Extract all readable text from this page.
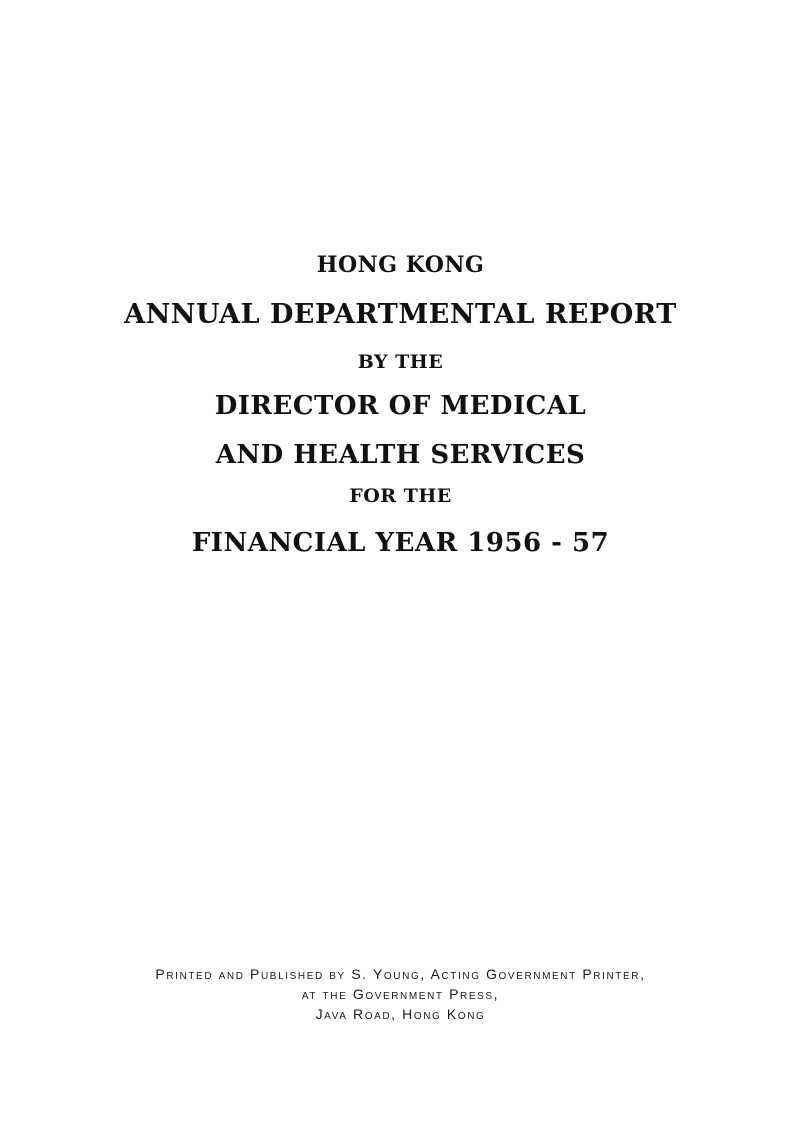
HONG KONG
ANNUAL DEPARTMENTAL REPORT
BY THE
DIRECTOR OF MEDICAL
AND HEALTH SERVICES
FOR THE
FINANCIAL YEAR 1956 - 57
Printed and Published by S. Young, Acting Government Printer,
at the Government Press,
Java Road, Hong Kong
